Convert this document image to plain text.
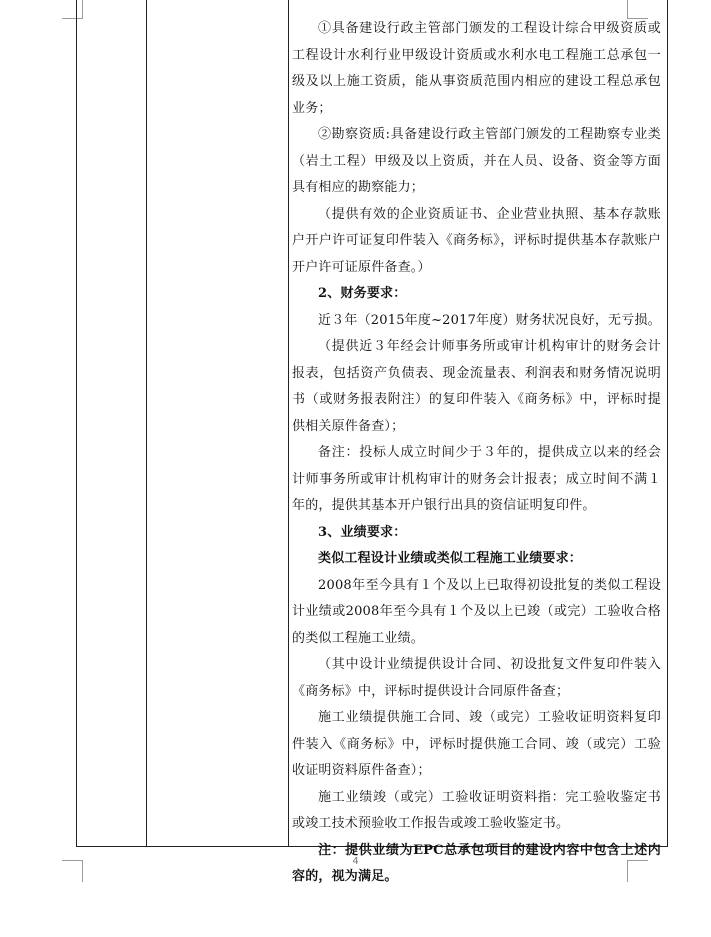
①具备建设行政主管部门颁发的工程设计综合甲级资质或工程设计水利行业甲级设计资质或水利水电工程施工总承包一级及以上施工资质，能从事资质范围内相应的建设工程总承包业务；

②勘察资质:具备建设行政主管部门颁发的工程勘察专业类（岩土工程）甲级及以上资质，并在人员、设备、资金等方面具有相应的勘察能力；

（提供有效的企业资质证书、企业营业执照、基本存款账户开户许可证复印件装入《商务标》，评标时提供基本存款账户开户许可证原件备查。）

2、财务要求：

近３年（2015年度~2017年度）财务状况良好，无亏损。

（提供近３年经会计师事务所或审计机构审计的财务会计报表，包括资产负债表、现金流量表、利润表和财务情况说明书（或财务报表附注）的复印件装入《商务标》中，评标时提供相关原件备查）；

备注：投标人成立时间少于３年的，提供成立以来的经会计师事务所或审计机构审计的财务会计报表；成立时间不满１年的，提供其基本开户银行出具的资信证明复印件。

3、业绩要求：

类似工程设计业绩或类似工程施工业绩要求：

2008年至今具有１个及以上已取得初设批复的类似工程设计业绩或2008年至今具有１个及以上已竣（或完）工验收合格的类似工程施工业绩。

（其中设计业绩提供设计合同、初设批复文件复印件装入《商务标》中，评标时提供设计合同原件备查；

施工业绩提供施工合同、竣（或完）工验收证明资料复印件装入《商务标》中，评标时提供施工合同、竣（或完）工验收证明资料原件备查）；

施工业绩竣（或完）工验收证明资料指：完工验收鉴定书或竣工技术预验收工作报告或竣工验收鉴定书。

注：提供业绩为EPC总承包项目的建设内容中包含上述内容的，视为满足。

4
